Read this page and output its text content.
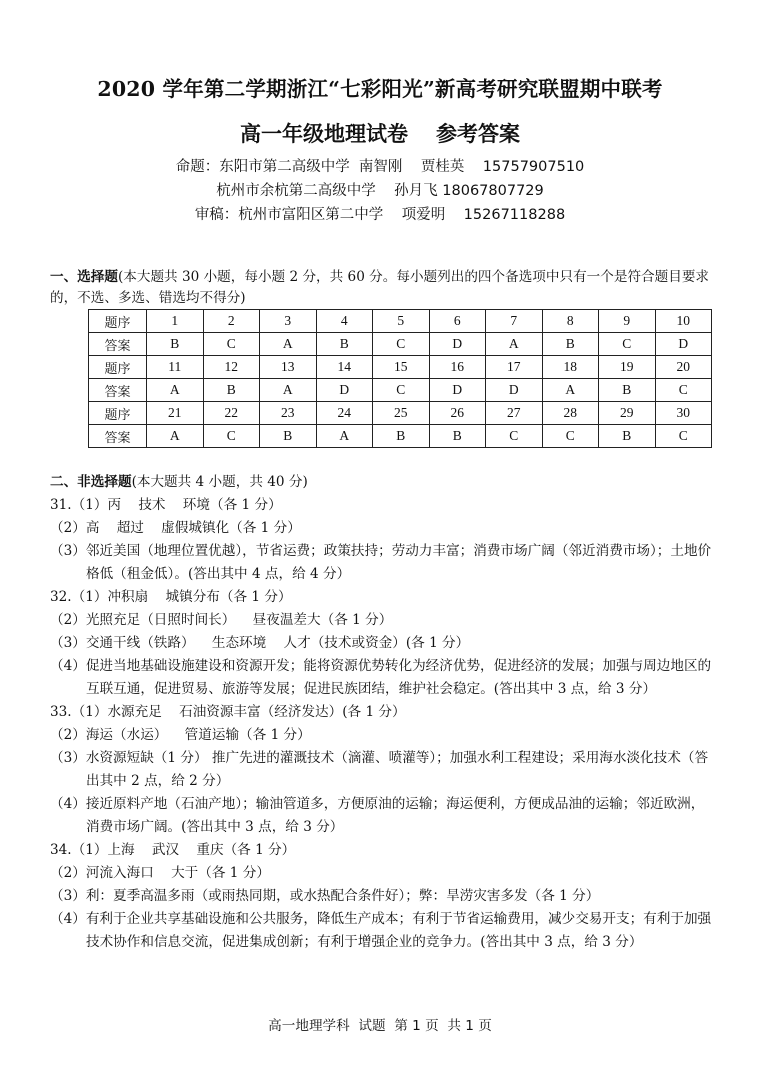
2020 学年第二学期浙江“七彩阳光”新高考研究联盟期中联考
高一年级地理试卷 参考答案
命题：东阳市第二高级中学  南智刚    贾桂英    15757907510
杭州市余杭第二高级中学    孙月飞 18067807729
审稿：杭州市富阳区第二中学    项爱明    15267118288
一、选择题(本大题共 30 小题，每小题 2 分，共 60 分。每小题列出的四个备选项中只有一个是符合题目要求的，不选、多选、错选均不得分)
题序	1	2	3	4	5	6	7	8	9	10
答案	B	C	A	B	C	D	A	B	C	D
题序	11	12	13	14	15	16	17	18	19	20
答案	A	B	A	D	C	D	D	A	B	C
题序	21	22	23	24	25	26	27	28	29	30
答案	A	C	B	A	B	B	C	C	B	C
二、非选择题(本大题共 4 小题，共 40 分)
31.（1）丙    技术    环境（各 1 分）
（2）高    超过    虚假城镇化（各 1 分）
（3）邻近美国（地理位置优越），节省运费；政策扶持；劳动力丰富；消费市场广阔（邻近消费市场）；土地价格低（租金低）。(答出其中 4 点，给 4 分）
32.（1）冲积扇    城镇分布（各 1 分）
（2）光照充足（日照时间长）    昼夜温差大（各 1 分）
（3）交通干线（铁路）    生态环境    人才（技术或资金）(各 1 分）
（4）促进当地基础设施建设和资源开发；能将资源优势转化为经济优势，促进经济的发展；加强与周边地区的互联互通，促进贸易、旅游等发展；促进民族团结，维护社会稳定。(答出其中 3 点，给 3 分）
33.（1）水源充足    石油资源丰富（经济发达）(各 1 分）
（2）海运（水运）    管道运输（各 1 分）
（3）水资源短缺（1 分） 推广先进的灌溉技术（滴灌、喷灌等）；加强水利工程建设；采用海水淡化技术（答出其中 2 点，给 2 分）
（4）接近原料产地（石油产地）；输油管道多，方便原油的运输；海运便利，方便成品油的运输；邻近欧洲，消费市场广阔。(答出其中 3 点，给 3 分）
34.（1）上海    武汉    重庆（各 1 分）
（2）河流入海口    大于（各 1 分）
（3）利：夏季高温多雨（或雨热同期，或水热配合条件好）；弊：旱涝灾害多发（各 1 分）
（4）有利于企业共享基础设施和公共服务，降低生产成本；有利于节省运输费用，减少交易开支；有利于加强技术协作和信息交流，促进集成创新；有利于增强企业的竞争力。(答出其中 3 点，给 3 分）
高一地理学科  试题  第 1 页  共 1 页
